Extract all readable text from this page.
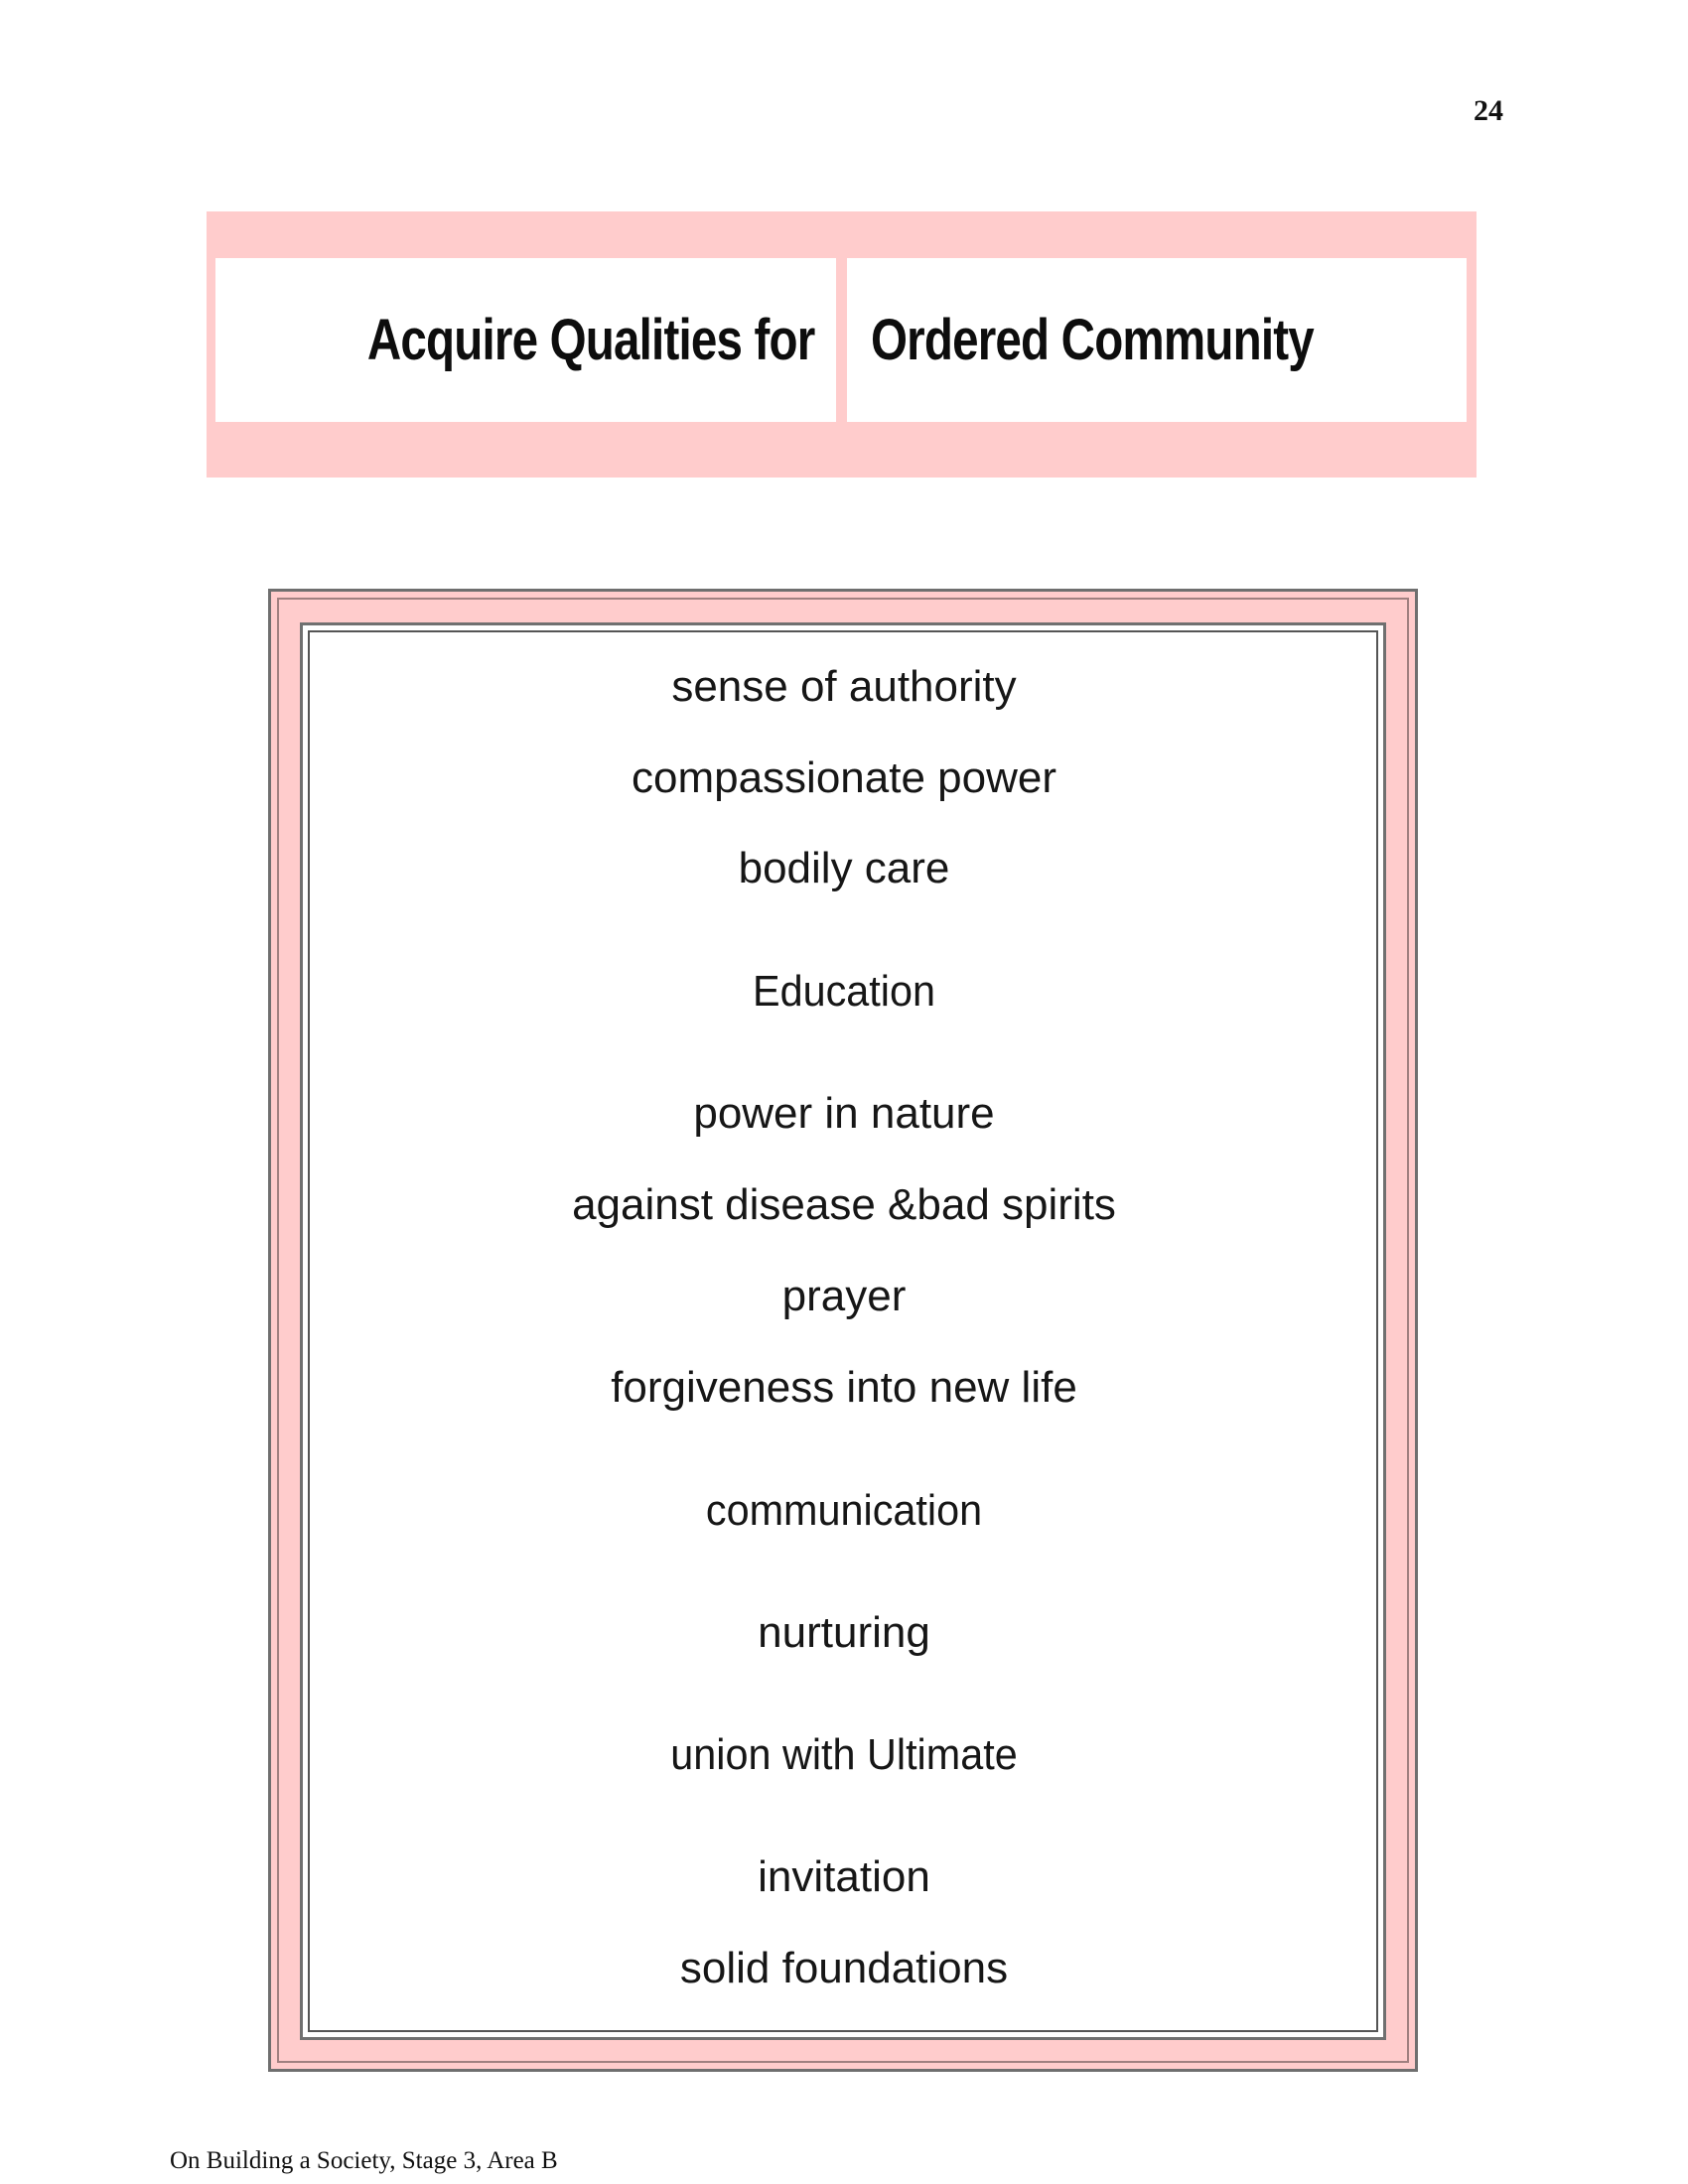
24
Acquire Qualities for Ordered Community
sense of authority
compassionate power
bodily care
Education
power in nature
against disease &bad spirits
prayer
forgiveness into new life
communication
nurturing
union with Ultimate
invitation
solid foundations
On Building a Society, Stage 3, Area B
